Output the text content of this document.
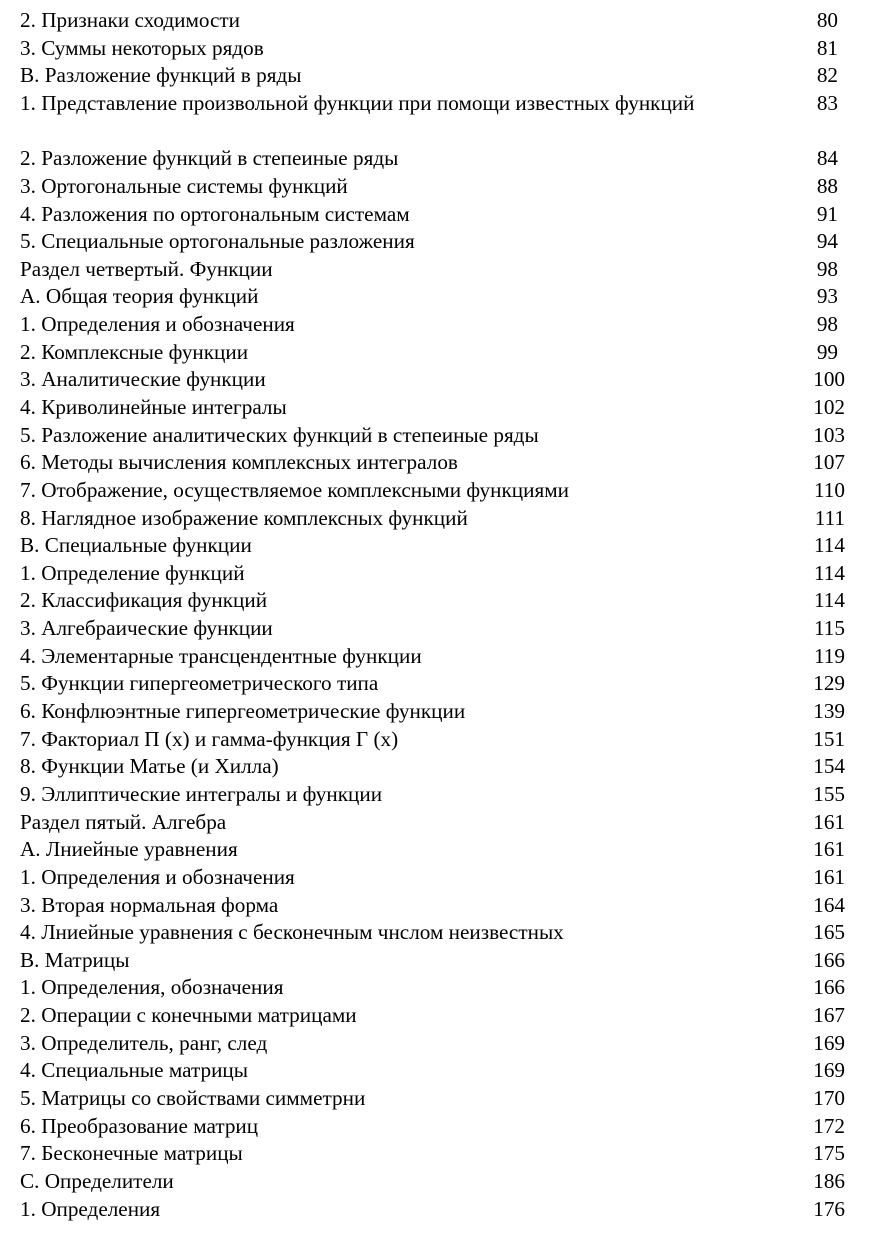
2. Признаки сходимости	80
3. Суммы некоторых рядов	81
В. Разложение функций в ряды	82
1. Представление произвольной функции при помощи известных функций	83
2. Разложение функций в степеиные ряды	84
3. Ортогональные системы функций	88
4. Разложения по ортогональным системам	91
5. Специальные ортогональные разложения	94
Раздел четвертый. Функции	98
А. Общая теория функций	93
1. Определения и обозначения	98
2. Комплексные функции	99
3. Аналитические функции	100
4. Криволинейные интегралы	102
5. Разложение аналитических функций в степеиные ряды	103
6. Методы вычисления комплексных интегралов	107
7. Отображение, осуществляемое комплексными функциями	110
8. Наглядное изображение комплексных функций	111
В. Специальные функции	114
1. Определение функций	114
2. Классификация функций	114
3. Алгебраические функции	115
4. Элементарные трансцендентные функции	119
5. Функции гипергеометрического типа	129
6. Конфлюэнтные гипергеометрические функции	139
7. Факториал П (х) и гамма-функция Г (х)	151
8. Функции Матье (и Хилла)	154
9. Эллиптические интегралы и функции	155
Раздел пятый. Алгебра	161
А. Лниейные уравнения	161
1. Определения и обозначения	161
3. Вторая нормальная форма	164
4. Лниейные уравнения с бесконечным чнслом неизвестных	165
В. Матрицы	166
1. Определения, обозначения	166
2. Операции с конечными матрицами	167
3. Определитель, ранг, след	169
4. Специальные матрицы	169
5. Матрицы со свойствами симметрни	170
6. Преобразование матриц	172
7. Бесконечные матрицы	175
С. Определители	186
1. Определения	176
